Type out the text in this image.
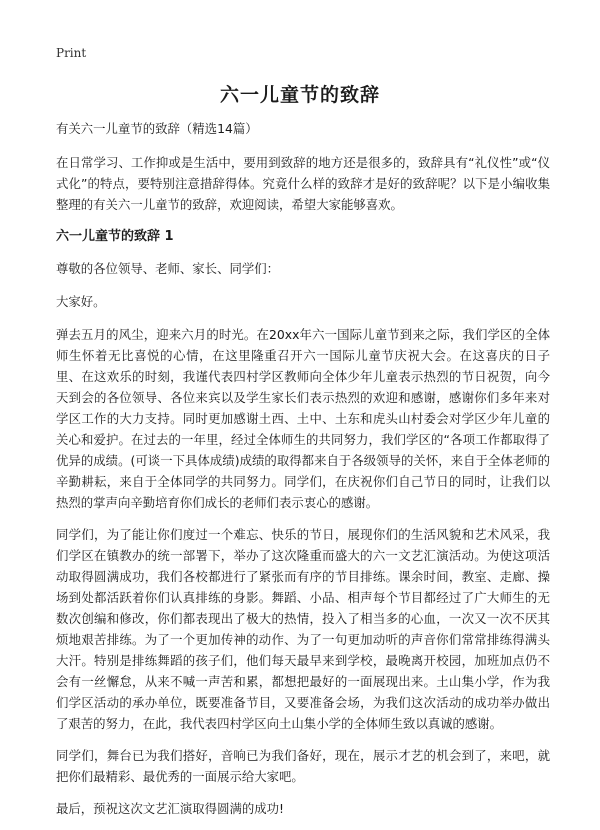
Print
六一儿童节的致辞

有关六一儿童节的致辞（精选14篇）

在日常学习、工作抑或是生活中，要用到致辞的地方还是很多的，致辞具有“礼仪性”或“仪式化”的特点，要特别注意措辞得体。究竟什么样的致辞才是好的致辞呢？以下是小编收集整理的有关六一儿童节的致辞，欢迎阅读，希望大家能够喜欢。

六一儿童节的致辞 1

尊敬的各位领导、老师、家长、同学们：

大家好。

弹去五月的风尘，迎来六月的时光。在20xx年六一国际儿童节到来之际，我们学区的全体师生怀着无比喜悦的心情，在这里隆重召开六一国际儿童节庆祝大会。在这喜庆的日子里、在这欢乐的时刻，我谨代表四村学区教师向全体少年儿童表示热烈的节日祝贺，向今天到会的各位领导、各位来宾以及学生家长们表示热烈的欢迎和感谢，感谢你们多年来对学区工作的大力支持。同时更加感谢土西、土中、土东和虎头山村委会对学区少年儿童的关心和爱护。在过去的一年里，经过全体师生的共同努力，我们学区的“各项工作都取得了优异的成绩。(可谈一下具体成绩)成绩的取得都来自于各级领导的关怀，来自于全体老师的辛勤耕耘，来自于全体同学的共同努力。同学们，在庆祝你们自己节日的同时，让我们以热烈的掌声向辛勤培育你们成长的老师们表示衷心的感谢。

同学们，为了能让你们度过一个难忘、快乐的节日，展现你们的生活风貌和艺术风采，我们学区在镇教办的统一部署下，举办了这次隆重而盛大的六一文艺汇演活动。为使这项活动取得圆满成功，我们各校都进行了紧张而有序的节目排练。课余时间，教室、走廊、操场到处都活跃着你们认真排练的身影。舞蹈、小品、相声每个节目都经过了广大师生的无数次创编和修改，你们都表现出了极大的热情，投入了相当多的心血，一次又一次不厌其烦地艰苦排练。为了一个更加传神的动作、为了一句更加动听的声音你们常常排练得满头大汗。特别是排练舞蹈的孩子们，他们每天最早来到学校，最晚离开校园，加班加点仍不会有一丝懈怠，从来不喊一声苦和累，都想把最好的一面展现出来。土山集小学，作为我们学区活动的承办单位，既要准备节目，又要准备会场，为我们这次活动的成功举办做出了艰苦的努力，在此，我代表四村学区向土山集小学的全体师生致以真诚的感谢。

同学们，舞台已为我们搭好，音响已为我们备好，现在，展示才艺的机会到了，来吧，就把你们最精彩、最优秀的一面展示给大家吧。

最后，预祝这次文艺汇演取得圆满的成功!
